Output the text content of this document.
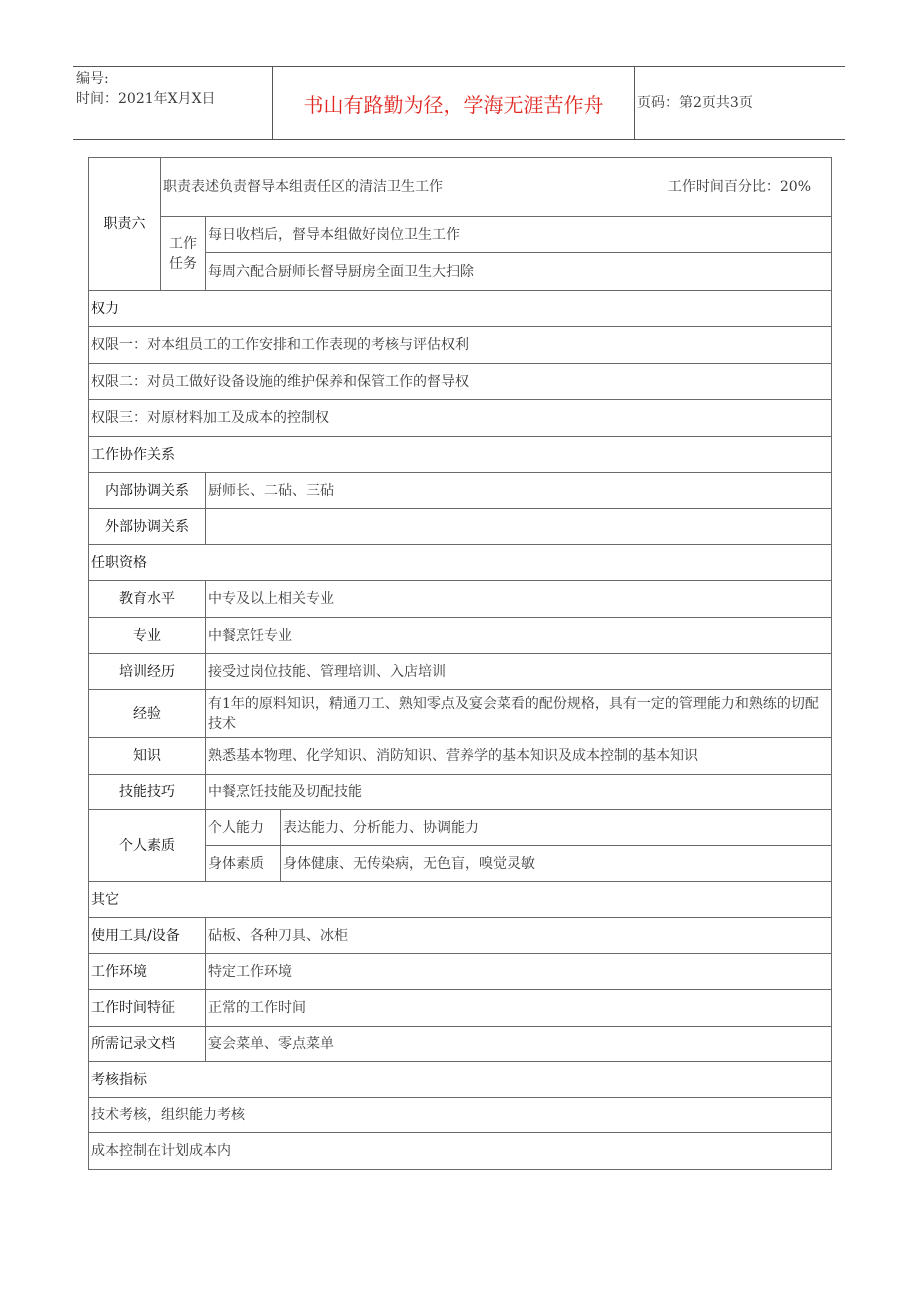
编号:
时间：2021年X月X日	书山有路勤为径，学海无涯苦作舟	页码：第2页共3页
职责六	职责表述负责督导本组责任区的清洁卫生工作 工作时间百分比：20%		

	工作任务	每日收档后，督导本组做好岗位卫生工作	
		每周六配合厨师长督导厨房全面卫生大扫除	
权力			
权限一：对本组员工的工作安排和工作表现的考核与评估权利			
权限二：对员工做好设备设施的维护保养和保管工作的督导权			
权限三：对原材料加工及成本的控制权			
工作协作关系			
内部协调关系		厨师长、二砧、三砧	
外部协调关系			
任职资格			
教育水平		中专及以上相关专业	
专业		中餐烹饪专业	
培训经历		接受过岗位技能、管理培训、入店培训	
经验		有1年的原料知识，精通刀工、熟知零点及宴会菜看的配份规格，具有一定的管理能力和熟练的切配技术	
知识		熟悉基本物理、化学知识、消防知识、营养学的基本知识及成本控制的基本知识	
技能技巧		中餐烹饪技能及切配技能	
个人素质		个人能力	表达能力、分析能力、协调能力
		身体素质	身体健康、无传染病，无色盲，嗅觉灵敏
其它			
使用工具/设备		砧板、各种刀具、冰柜	
工作环境		特定工作环境	
工作时间特征		正常的工作时间	
所需记录文档		宴会菜单、零点菜单	
考核指标			
技术考核，组织能力考核			
成本控制在计划成本内			
